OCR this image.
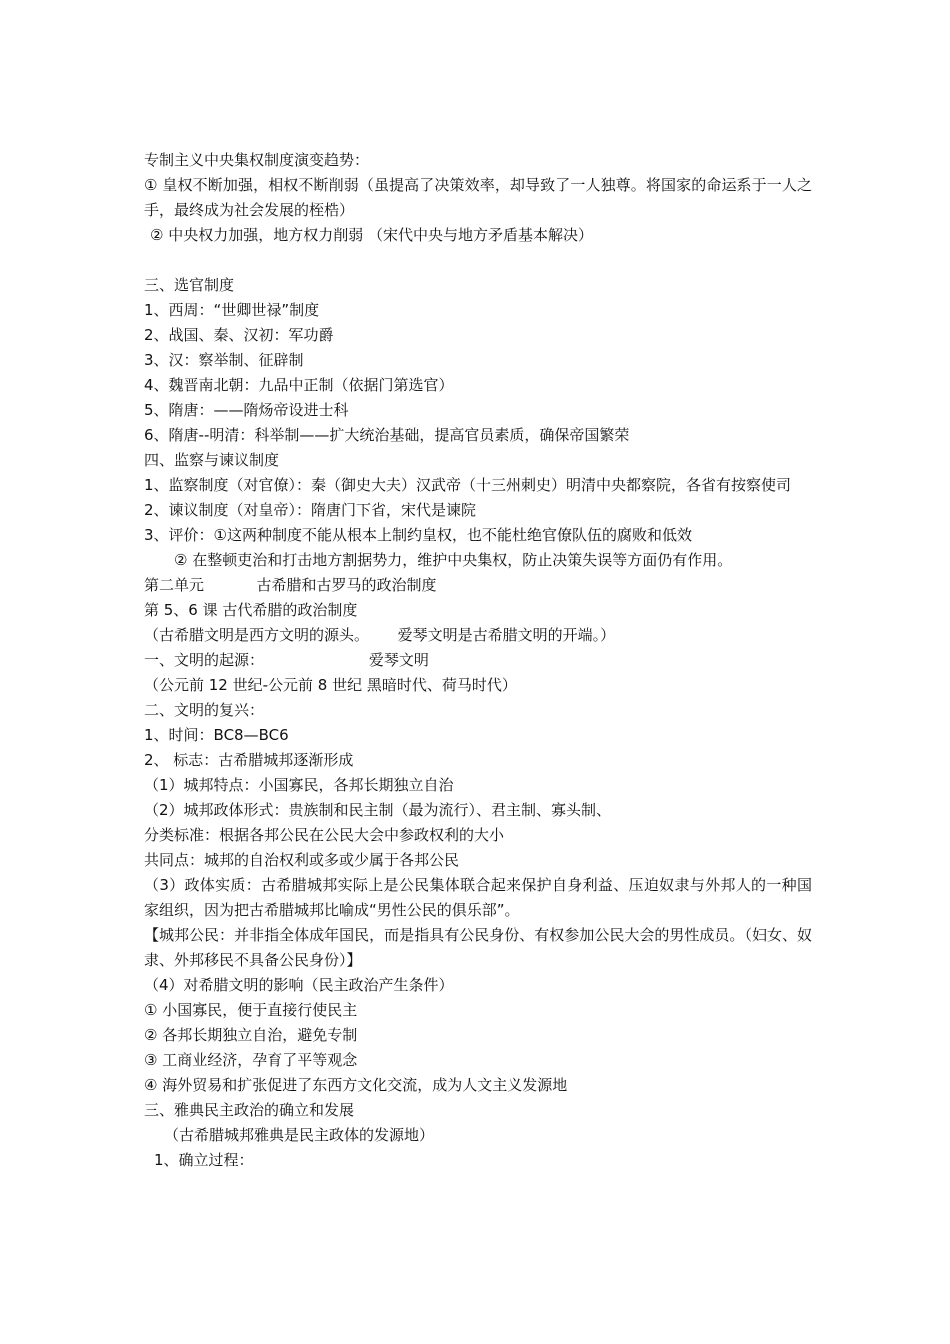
专制主义中央集权制度演变趋势：
① 皇权不断加强，相权不断削弱（虽提高了决策效率，却导致了一人独尊。将国家的命运系于一人之手，最终成为社会发展的桎梏）
② 中央权力加强，地方权力削弱 （宋代中央与地方矛盾基本解决）
三、选官制度
1、西周：“世卿世禄”制度
2、战国、秦、汉初：军功爵
3、汉：察举制、征辟制
4、魏晋南北朝：九品中正制（依据门第选官）
5、隋唐：——隋炀帝设进士科
6、隋唐--明清：科举制——扩大统治基础，提高官员素质，确保帝国繁荣
四、监察与谏议制度
1、监察制度（对官僚）：秦（御史大夫）汉武帝（十三州刺史）明清中央都察院，各省有按察使司
2、谏议制度（对皇帝）：隋唐门下省，宋代是谏院
3、评价：①这两种制度不能从根本上制约皇权，也不能杜绝官僚队伍的腐败和低效
② 在整顿吏治和打击地方割据势力，维护中央集权，防止决策失误等方面仍有作用。
第二单元           古希腊和古罗马的政治制度
第 5、6 课 古代希腊的政治制度
（古希腊文明是西方文明的源头。      爱琴文明是古希腊文明的开端。）
一、文明的起源：                      爱琴文明
（公元前 12 世纪-公元前 8 世纪 黑暗时代、荷马时代）
二、文明的复兴：
1、时间：BC8—BC6
2、 标志：古希腊城邦逐渐形成
（1）城邦特点：小国寡民，各邦长期独立自治
（2）城邦政体形式：贵族制和民主制（最为流行）、君主制、寡头制、
分类标准：根据各邦公民在公民大会中参政权利的大小
共同点：城邦的自治权利或多或少属于各邦公民
（3）政体实质：古希腊城邦实际上是公民集体联合起来保护自身利益、压迫奴隶与外邦人的一种国家组织，因为把古希腊城邦比喻成“男性公民的俱乐部”。
【城邦公民：并非指全体成年国民，而是指具有公民身份、有权参加公民大会的男性成员。（妇女、奴隶、外邦移民不具备公民身份）】
（4）对希腊文明的影响（民主政治产生条件）
① 小国寡民，便于直接行使民主
② 各邦长期独立自治，避免专制
③ 工商业经济，孕育了平等观念
④ 海外贸易和扩张促进了东西方文化交流，成为人文主义发源地
三、雅典民主政治的确立和发展
（古希腊城邦雅典是民主政体的发源地）
1、确立过程：
